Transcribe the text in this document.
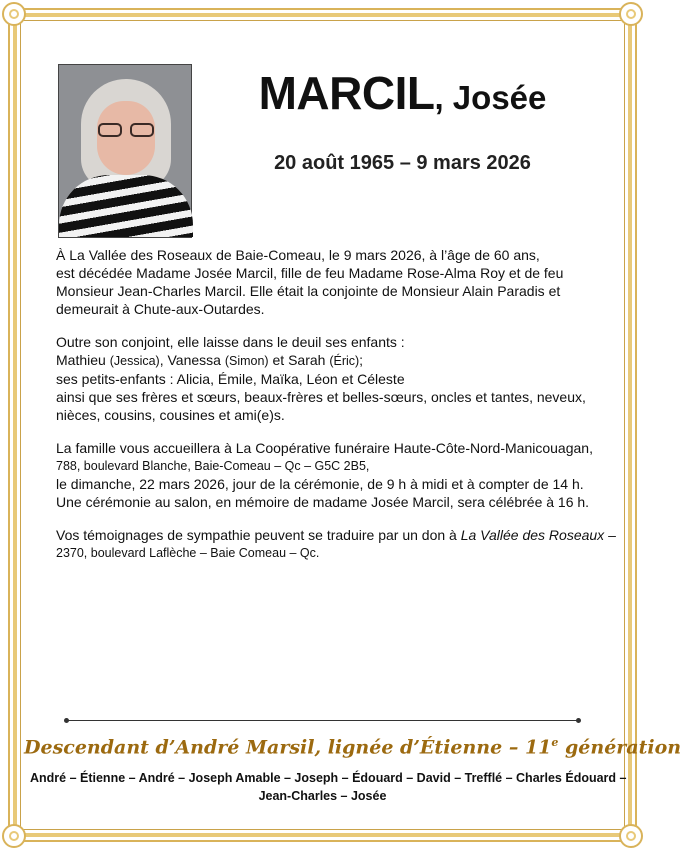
MARCIL, Josée
20 août 1965 – 9 mars 2026

À La Vallée des Roseaux de Baie-Comeau, le 9 mars 2026, à l’âge de 60 ans,
est décédée Madame Josée Marcil, fille de feu Madame Rose-Alma Roy et de feu
Monsieur Jean-Charles Marcil. Elle était la conjointe de Monsieur Alain Paradis et
demeurait à Chute-aux-Outardes.

Outre son conjoint, elle laisse dans le deuil ses enfants :
Mathieu (Jessica), Vanessa (Simon) et Sarah (Éric);
ses petits-enfants : Alicia, Émile, Maïka, Léon et Céleste
ainsi que ses frères et sœurs, beaux-frères et belles-sœurs, oncles et tantes, neveux,
nièces, cousins, cousines et ami(e)s.

La famille vous accueillera à La Coopérative funéraire Haute-Côte-Nord-Manicouagan,
788, boulevard Blanche, Baie-Comeau – Qc – G5C 2B5,
le dimanche, 22 mars 2026, jour de la cérémonie, de 9 h à midi et à compter de 14 h.
Une cérémonie au salon, en mémoire de madame Josée Marcil, sera célébrée à 16 h.

Vos témoignages de sympathie peuvent se traduire par un don à La Vallée des Roseaux –
2370, boulevard Laflèche – Baie Comeau – Qc.

Descendant d’André Marsil, lignée d’Étienne – 11e génération
André – Étienne – André – Joseph Amable – Joseph – Édouard – David – Trefflé – Charles Édouard –
Jean-Charles – Josée
